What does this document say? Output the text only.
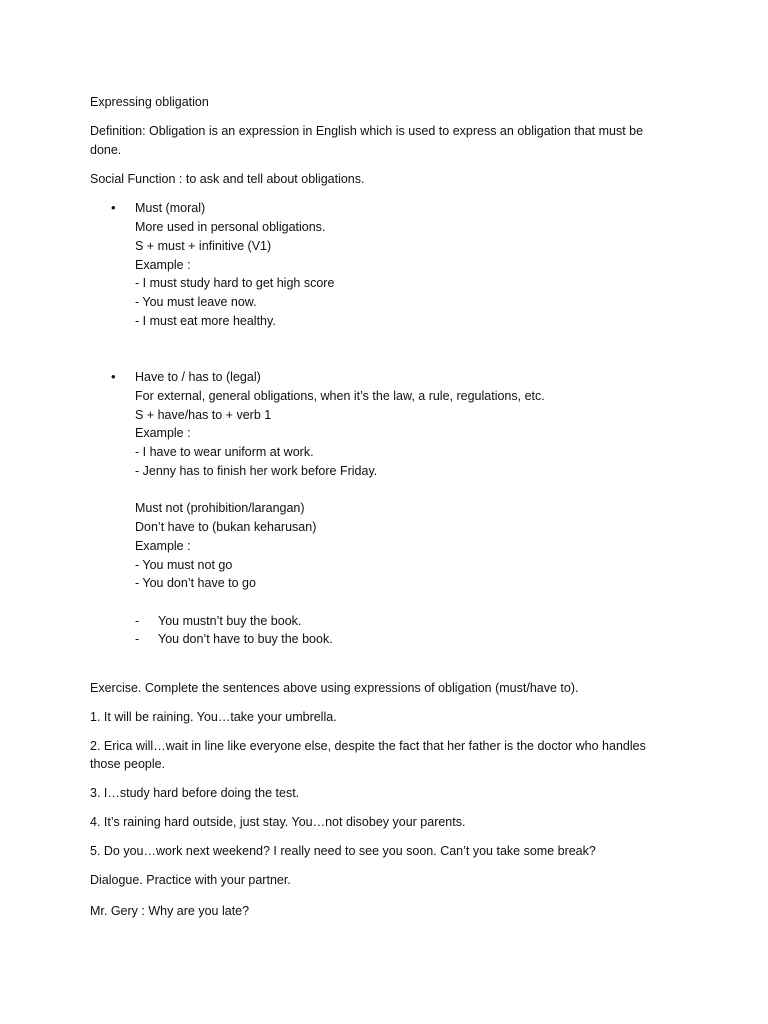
Expressing obligation
Definition: Obligation is an expression in English which is used to express an obligation that must be
done.
Social Function : to ask and tell about obligations.
• Must (moral)
More used in personal obligations.
S + must + infinitive (V1)
Example :
- I must study hard to get high score
- You must leave now.
- I must eat more healthy.
• Have to / has to (legal)
For external, general obligations, when it’s the law, a rule, regulations, etc.
S + have/has to + verb 1
Example :
- I have to wear uniform at work.
- Jenny has to finish her work before Friday.
Must not (prohibition/larangan)
Don’t have to (bukan keharusan)
Example :
- You must not go
- You don’t have to go
- You mustn’t buy the book.
- You don’t have to buy the book.
Exercise. Complete the sentences above using expressions of obligation (must/have to).
1. It will be raining. You…take your umbrella.
2. Erica will…wait in line like everyone else, despite the fact that her father is the doctor who handles
those people.
3. I…study hard before doing the test.
4. It’s raining hard outside, just stay. You…not disobey your parents.
5. Do you…work next weekend? I really need to see you soon. Can’t you take some break?
Dialogue. Practice with your partner.
Mr. Gery : Why are you late?
